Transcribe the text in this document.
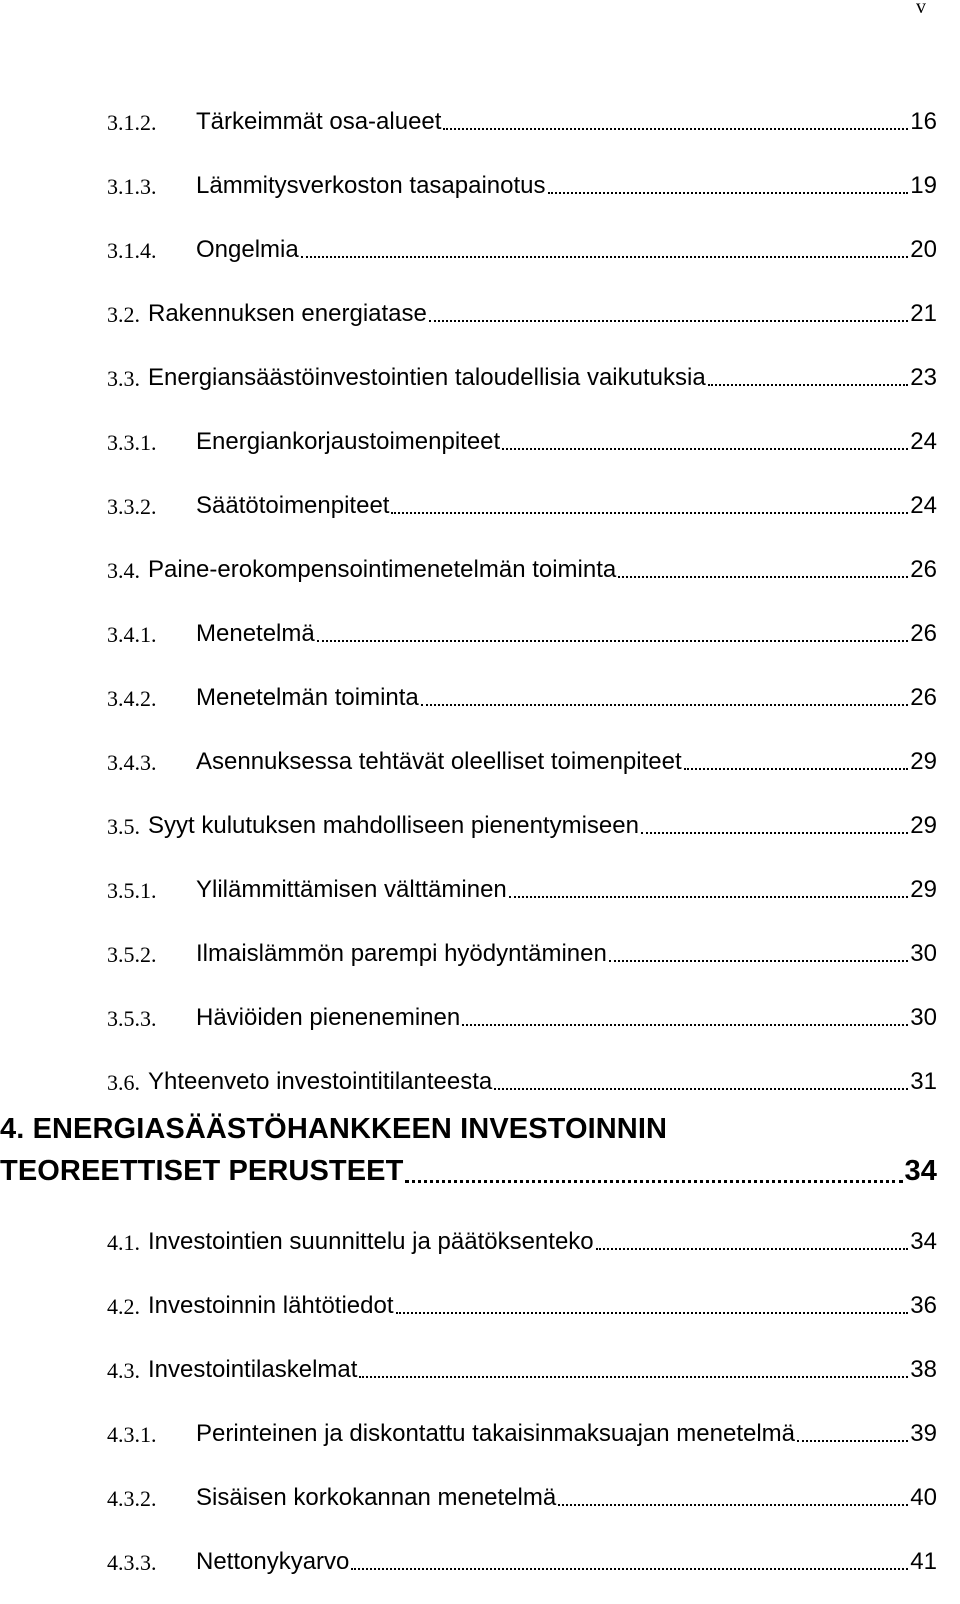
v
3.1.2.	Tärkeimmät osa-alueet	16
3.1.3.	Lämmitysverkoston tasapainotus	19
3.1.4.	Ongelmia	20
3.2. Rakennuksen energiatase	21
3.3. Energiansäästöinvestointien taloudellisia vaikutuksia	23
3.3.1.	Energiankorjaustoimenpiteet	24
3.3.2.	Säätötoimenpiteet	24
3.4. Paine-erokompensointimenetelmän toiminta	26
3.4.1.	Menetelmä	26
3.4.2.	Menetelmän toiminta	26
3.4.3.	Asennuksessa tehtävät oleelliset toimenpiteet	29
3.5. Syyt kulutuksen mahdolliseen pienentymiseen	29
3.5.1.	Ylilämmittämisen välttäminen	29
3.5.2.	Ilmaislämmön parempi hyödyntäminen	30
3.5.3.	Häviöiden pieneneminen	30
3.6. Yhteenveto investointitilanteesta	31
4. ENERGIASÄÄSTÖHANKKEEN INVESTOINNIN
TEOREETTISET PERUSTEET	34
4.1. Investointien suunnittelu ja päätöksenteko	34
4.2. Investoinnin lähtötiedot	36
4.3. Investointilaskelmat	38
4.3.1.	Perinteinen ja diskontattu takaisinmaksuajan menetelmä	39
4.3.2.	Sisäisen korkokannan menetelmä	40
4.3.3.	Nettonykyarvo	41
